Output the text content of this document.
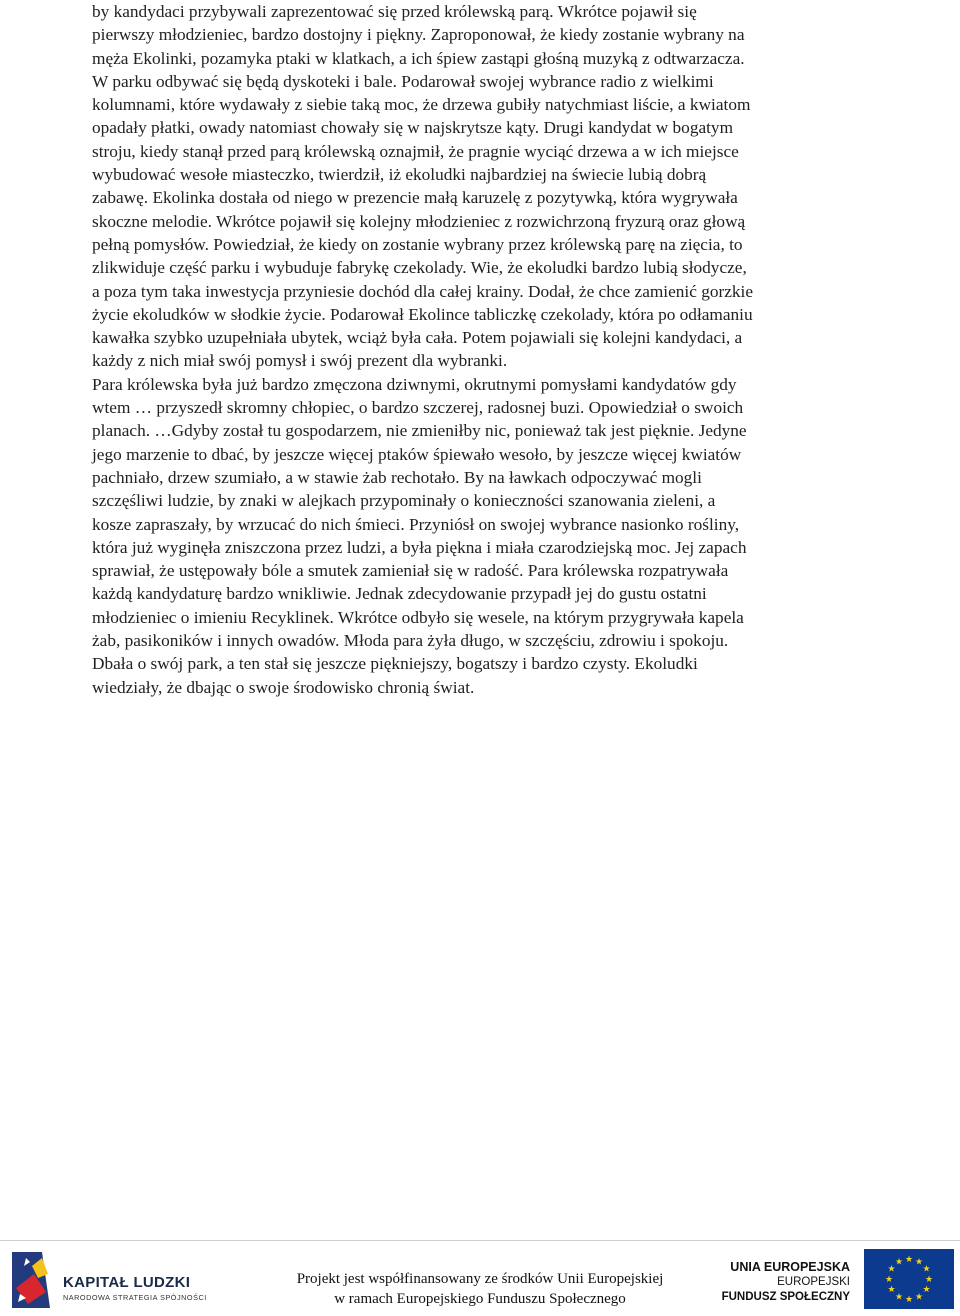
by kandydaci przybywali zaprezentować się przed królewską parą. Wkrótce pojawił się
pierwszy młodzieniec, bardzo dostojny i piękny. Zaproponował, że kiedy zostanie wybrany na
męża Ekolinki, pozamyka ptaki w klatkach, a ich śpiew zastąpi głośną muzyką z odtwarzacza.
W parku odbywać się będą dyskoteki i bale. Podarował swojej wybrance radio z wielkimi
kolumnami, które wydawały z siebie taką moc, że drzewa gubiły natychmiast liście, a kwiatom
opadały płatki, owady natomiast chowały się w najskrytsze kąty. Drugi kandydat w bogatym
stroju, kiedy stanął przed parą królewską oznajmił, że pragnie wyciąć drzewa a w ich miejsce
wybudować wesołe miasteczko, twierdził, iż ekoludki najbardziej na świecie lubią dobrą
zabawę. Ekolinka dostała od niego w prezencie małą karuzelę z pozytywką, która wygrywała
skoczne melodie. Wkrótce pojawił się kolejny młodzieniec z rozwichrzoną fryzurą oraz głową
pełną pomysłów. Powiedział, że kiedy on zostanie wybrany przez królewską parę na zięcia, to
zlikwiduje część parku i wybuduje fabrykę czekolady. Wie, że ekoludki bardzo lubią słodycze,
a poza tym taka inwestycja przyniesie dochód dla całej krainy. Dodał, że chce zamienić gorzkie
życie ekoludków w słodkie życie. Podarował Ekolince tabliczkę czekolady, która po odłamaniu
kawałka szybko uzupełniała ubytek, wciąż była cała. Potem pojawiali się kolejni kandydaci, a
każdy z nich miał swój pomysł i swój prezent dla wybranki.
Para królewska była już bardzo zmęczona dziwnymi, okrutnymi pomysłami kandydatów gdy
wtem … przyszedł skromny chłopiec, o bardzo szczerej, radosnej buzi. Opowiedział o swoich
planach. …Gdyby został tu gospodarzem, nie zmieniłby nic, ponieważ tak jest pięknie. Jedyne
jego marzenie to dbać, by jeszcze więcej ptaków śpiewało wesoło, by jeszcze więcej kwiatów
pachniało, drzew szumiało, a w stawie żab rechotało. By na ławkach odpoczywać mogli
szczęśliwi ludzie, by znaki w alejkach przypominały o konieczności szanowania zieleni, a
kosze zapraszały, by wrzucać do nich śmieci. Przyniósł on swojej wybrance nasionko rośliny,
która już wyginęła zniszczona przez ludzi, a była piękna i miała czarodziejską moc. Jej zapach
sprawiał, że ustępowały bóle a smutek zamieniał się w radość. Para królewska rozpatrywała
każdą kandydaturę bardzo wnikliwie. Jednak zdecydowanie przypadł jej do gustu ostatni
młodzieniec o imieniu Recyklinek. Wkrótce odbyło się wesele, na którym przygrywała kapela
żab, pasikoników i innych owadów. Młoda para żyła długo, w szczęściu, zdrowiu i spokoju.
Dbała o swój park, a ten stał się jeszcze piękniejszy, bogatszy i bardzo czysty. Ekoludki
wiedziały, że dbając o swoje środowisko chronią świat.
KAPITAŁ LUDZKI
NARODOWA STRATEGIA SPÓJNOŚCI
Projekt jest współfinansowany ze środków Unii Europejskiej
w ramach Europejskiego Funduszu Społecznego
UNIA EUROPEJSKA
EUROPEJSKI
FUNDUSZ SPOŁECZNY
★ ★
★
★
★
★
★
★
★
★
★
★
